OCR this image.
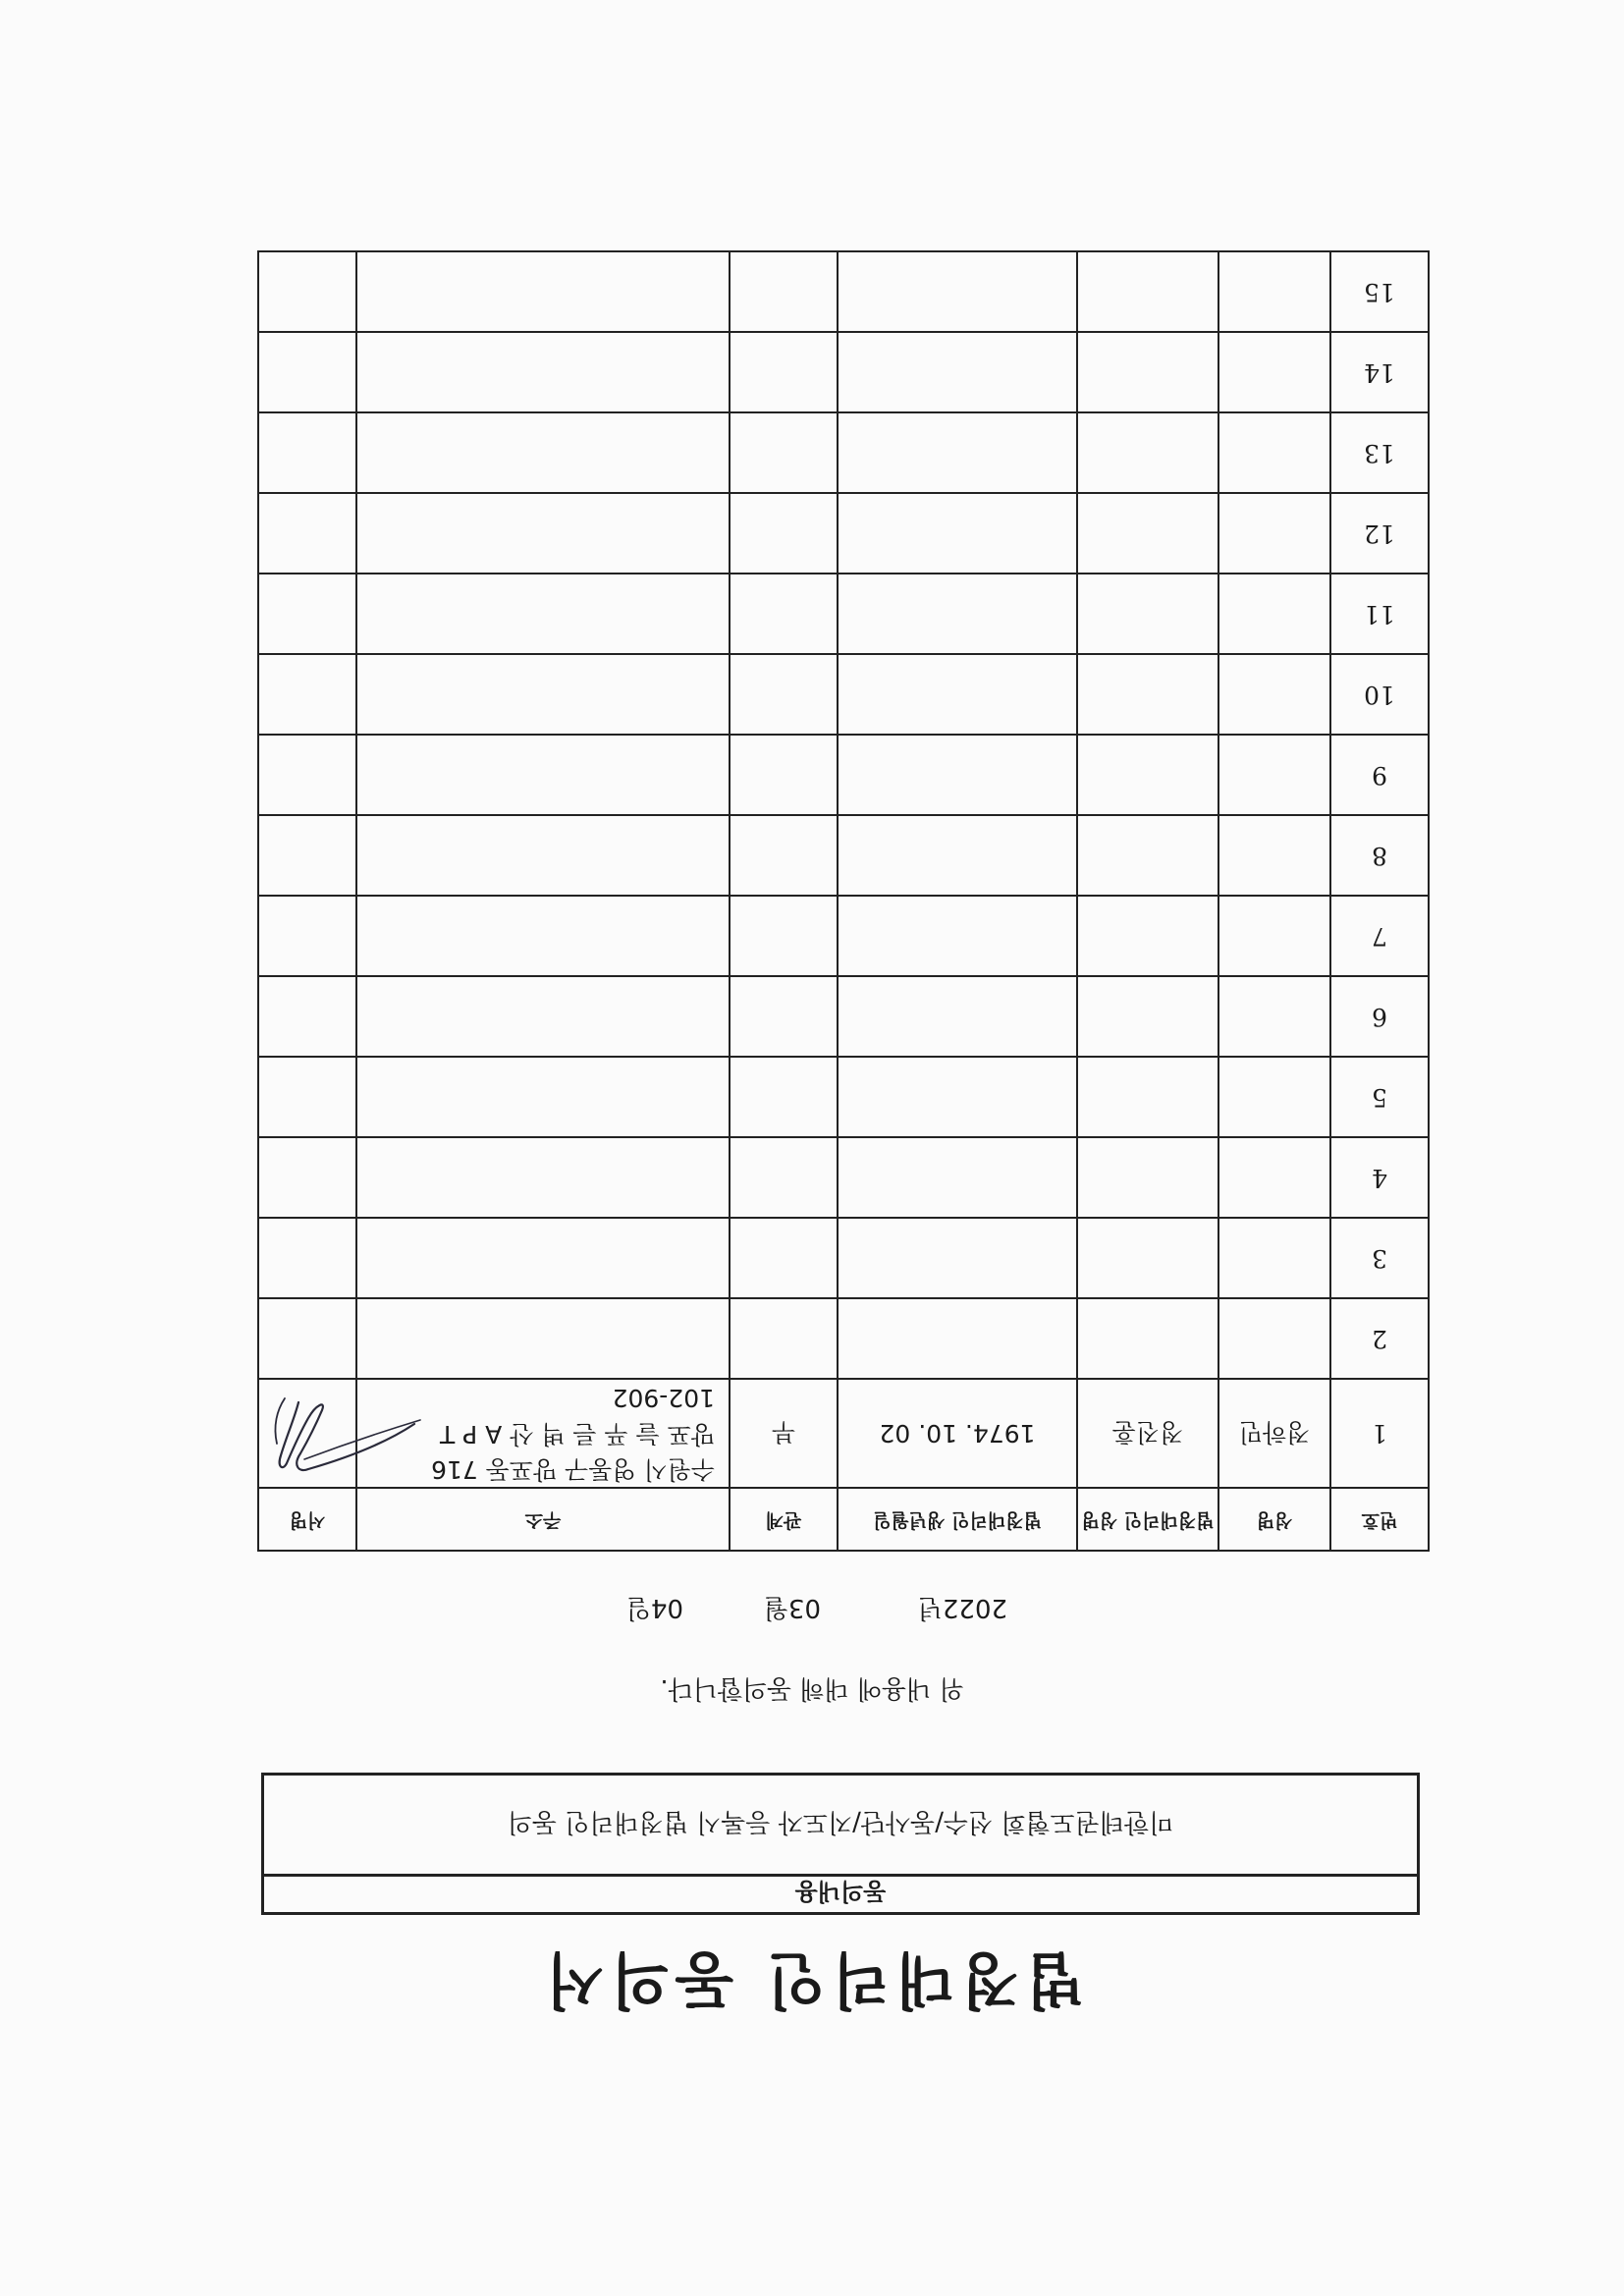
법정대리인 동의서
동의내용
미한테권도협회 선수/동사단/지도자 등록시 법정대리인 동의
위 내용에 대해 동의합니다.
2022년
03월
04일
번호	성명	법정대리인 성명	법정대리인 생년월일	관계	주소	서명
1	정하민	정진훈	1974. 10. 02	부	수원시 영통구 망포동 716
망포 늘 푸 른 벽 산 A P T
102-902

2						
3						
4						
5						
6						
7						
8						
9						
10						
11						
12						
13						
14						
15						
